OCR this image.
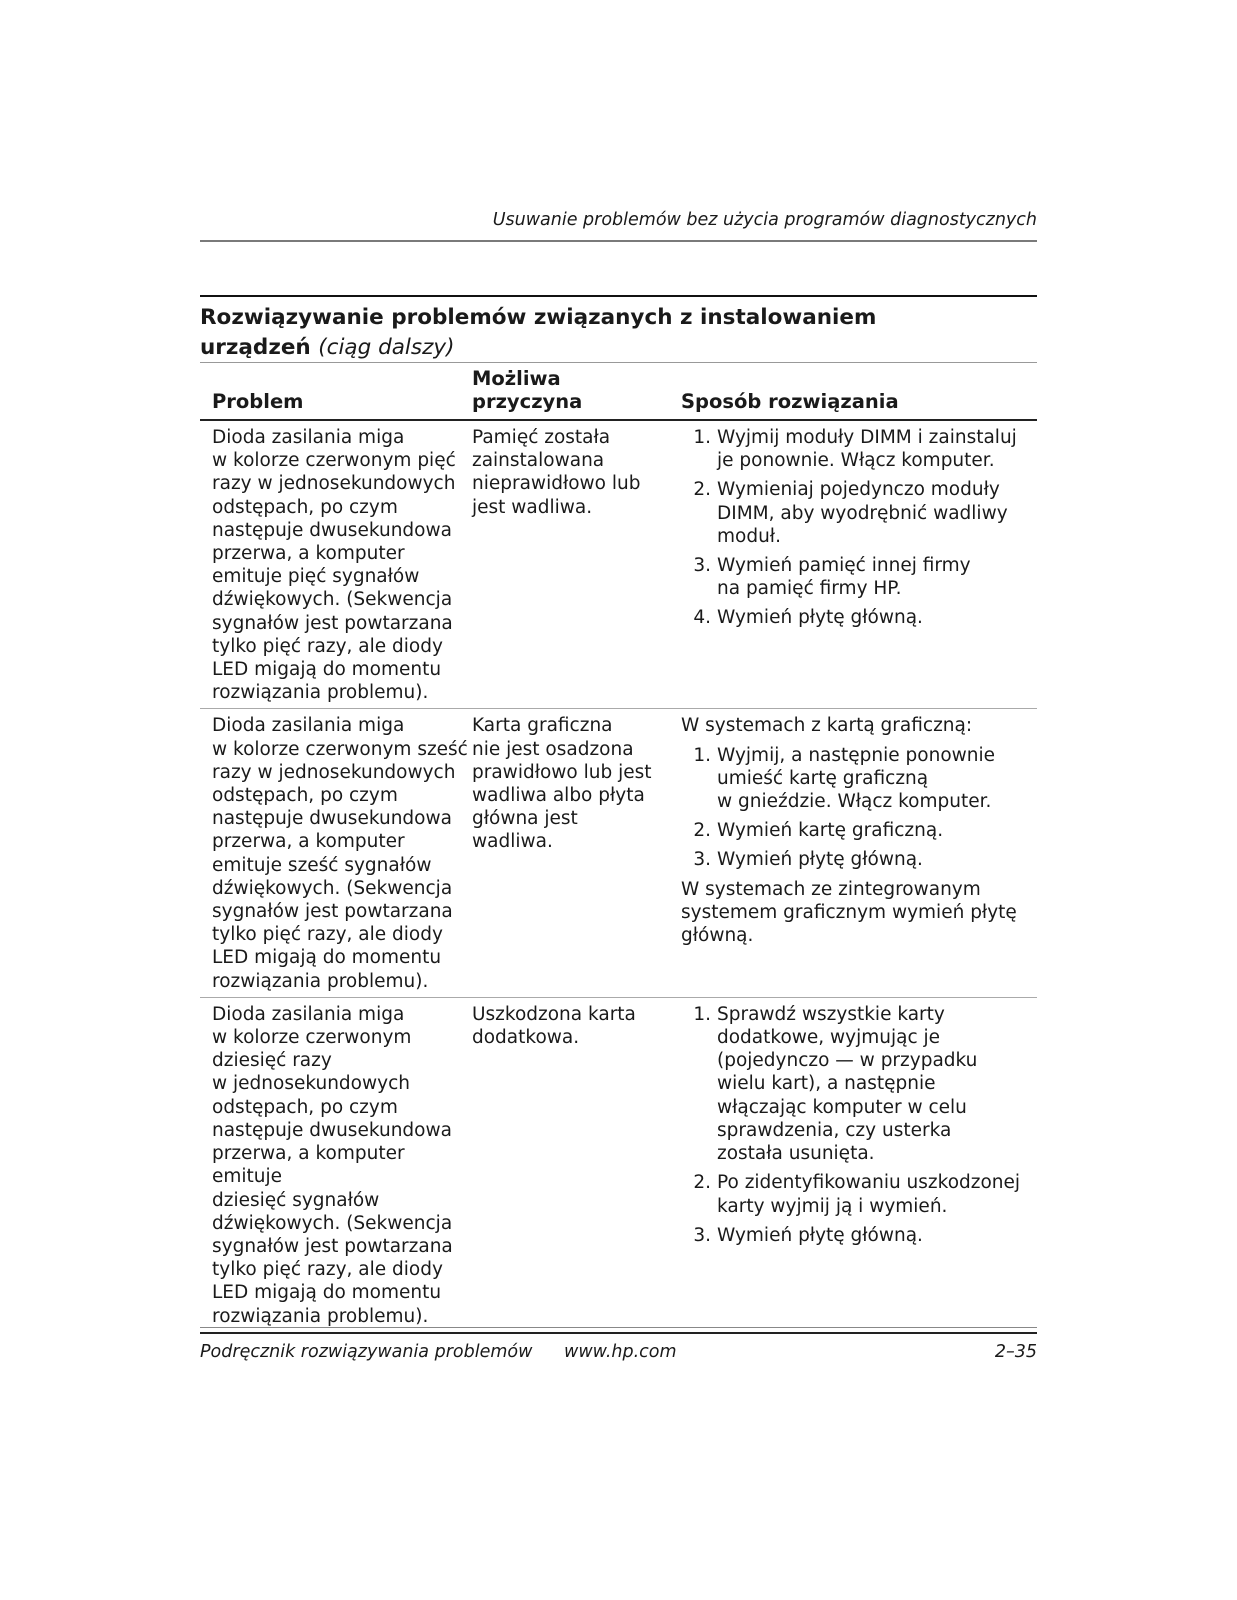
Usuwanie problemów bez użycia programów diagnostycznych
Rozwiązywanie problemów związanych z instalowaniem
urządzeń (ciąg dalszy)
Problem
Możliwa
przyczyna	Sposób rozwiązania
Dioda zasilania miga
w kolorze czerwonym pięć
razy w jednosekundowych
odstępach, po czym
następuje dwusekundowa
przerwa, a komputer
emituje pięć sygnałów
dźwiękowych. (Sekwencja
sygnałów jest powtarzana
tylko pięć razy, ale diody
LED migają do momentu
rozwiązania problemu).
Pamięć została
zainstalowana
nieprawidłowo lub
jest wadliwa.
1. Wyjmij moduły DIMM i zainstaluj
je ponownie. Włącz komputer.
2. Wymieniaj pojedynczo moduły
DIMM, aby wyodrębnić wadliwy
moduł.
3. Wymień pamięć innej firmy
na pamięć firmy HP.
4. Wymień płytę główną.
Dioda zasilania miga
w kolorze czerwonym sześć
razy w jednosekundowych
odstępach, po czym
następuje dwusekundowa
przerwa, a komputer
emituje sześć sygnałów
dźwiękowych. (Sekwencja
sygnałów jest powtarzana
tylko pięć razy, ale diody
LED migają do momentu
rozwiązania problemu).
Karta graficzna
nie jest osadzona
prawidłowo lub jest
wadliwa albo płyta
główna jest
wadliwa.
W systemach z kartą graficzną:
1. Wyjmij, a następnie ponownie
umieść kartę graficzną
w gnieździe. Włącz komputer.
2. Wymień kartę graficzną.
3. Wymień płytę główną.
W systemach ze zintegrowanym
systemem graficznym wymień płytę
główną.
Dioda zasilania miga
w kolorze czerwonym
dziesięć razy
w jednosekundowych
odstępach, po czym
następuje dwusekundowa
przerwa, a komputer emituje
dziesięć sygnałów
dźwiękowych. (Sekwencja
sygnałów jest powtarzana
tylko pięć razy, ale diody
LED migają do momentu
rozwiązania problemu).
Uszkodzona karta
dodatkowa.
1. Sprawdź wszystkie karty
dodatkowe, wyjmując je
(pojedynczo — w przypadku
wielu kart), a następnie
włączając komputer w celu
sprawdzenia, czy usterka
została usunięta.
2. Po zidentyfikowaniu uszkodzonej
karty wyjmij ją i wymień.
3. Wymień płytę główną.
Podręcznik rozwiązywania problemów www.hp.com	2–35
